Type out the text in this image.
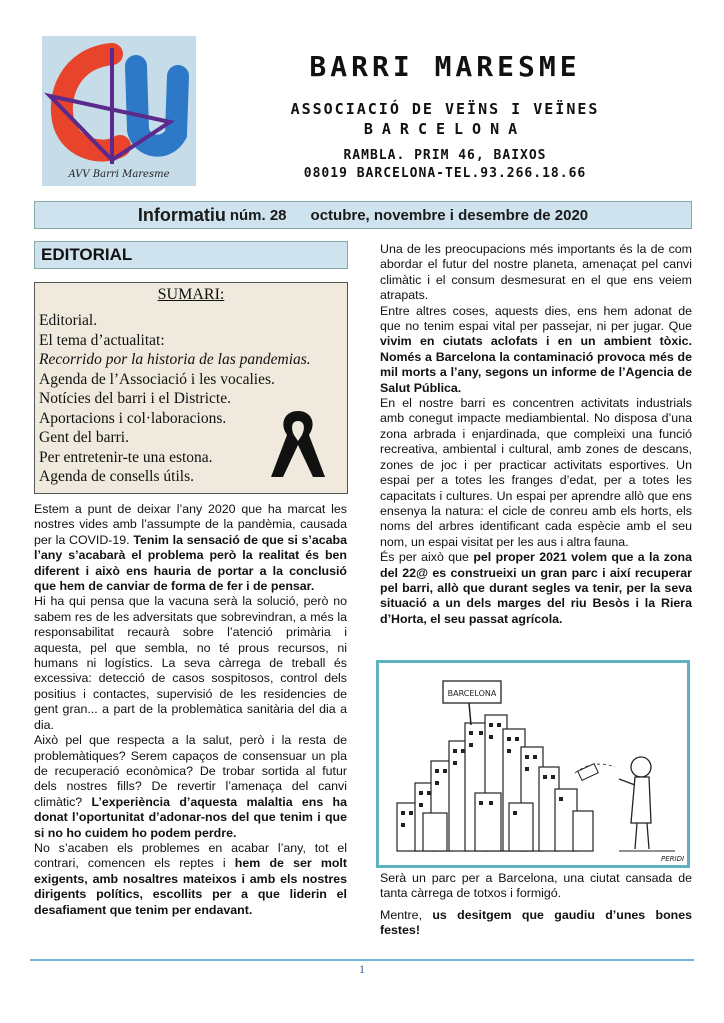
AVV Barri Maresme
BARRI MARESME
ASSOCIACIÓ DE VEÏNS I VEÏNES
BARCELONA
RAMBLA. PRIM 46, BAIXOS
08019 BARCELONA-TEL.93.266.18.66
Informatiu núm. 28 octubre, novembre i desembre de 2020
EDITORIAL
SUMARI:
Editorial.
El tema d’actualitat:
Recorrido por la historia de las pandemias.
Agenda de l’Associació i les vocalies.
Notícies del barri i el Districte.
Aportacions i col·laboracions.
Gent del barri.
Per entretenir-te una estona.
Agenda de consells útils.

Estem a punt de deixar l’any 2020 que ha marcat les nostres vides amb l’assumpte de la pandèmia, causada per la COVID-19. Tenim la sensació de que si s’acaba l’any s’acabarà el problema però la realitat és ben diferent i això ens hauria de portar a la conclusió que hem de canviar de forma de fer i de pensar.

Hi ha qui pensa que la vacuna serà la solució, però no sabem res de les adversitats que sobrevindran, a més la responsabilitat recaurà sobre l’atenció primària i aquesta, pel que sembla, no té prous recursos, ni humans ni logístics. La seva càrrega de treball és excessiva: detecció de casos sospitosos, control dels positius i contactes, supervisió de les residencies de gent gran... a part de la problemàtica sanitària del dia a dia.

Això pel que respecta a la salut, però i la resta de problemàtiques? Serem capaços de consensuar un pla de recuperació econòmica? De trobar sortida al futur dels nostres fills? De revertir l’amenaça del canvi climàtic? L’experiència d’aquesta malaltia ens ha donat l’oportunitat d’adonar-nos del que tenim i que si no ho cuidem ho podem perdre.

No s’acaben els problemes en acabar l’any, tot el contrari, comencen els reptes i hem de ser molt exigents, amb nosaltres mateixos i amb els nostres dirigents polítics, escollits per a que liderin el desafiament que tenim per endavant.

Una de les preocupacions més importants és la de com abordar el futur del nostre planeta, amenaçat pel canvi climàtic i el consum desmesurat en el que ens veiem atrapats.

Entre altres coses, aquests dies, ens hem adonat de que no tenim espai vital per passejar, ni per jugar. Que vivim en ciutats aclofats i en un ambient tòxic. Només a Barcelona la contaminació provoca més de mil morts a l’any, segons un informe de l’Agencia de Salut Pública.

En el nostre barri es concentren activitats industrials amb conegut impacte mediambiental. No disposa d’una zona arbrada i enjardinada, que compleixi una funció recreativa, ambiental i cultural, amb zones de descans, zones de joc i per practicar activitats esportives. Un espai per a totes les franges d’edat, per a totes les capacitats i cultures. Un espai per aprendre allò que ens ensenya la natura: el cicle de conreu amb els horts, els noms del arbres identificant cada espècie amb el seu nom, un espai visitat per les aus i altra fauna.

És per això que pel proper 2021 volem que a la zona del 22@ es construeixi un gran parc i així recuperar pel barri, allò que durant segles va tenir, per la seva situació a un dels marges del riu Besòs i la Riera d’Horta, el seu passat agrícola.

BARCELONA
PERIDI

Serà un parc per a Barcelona, una ciutat cansada de tanta càrrega de totxos i formigó.

Mentre, us desitgem que gaudiu d’unes bones festes!

1
